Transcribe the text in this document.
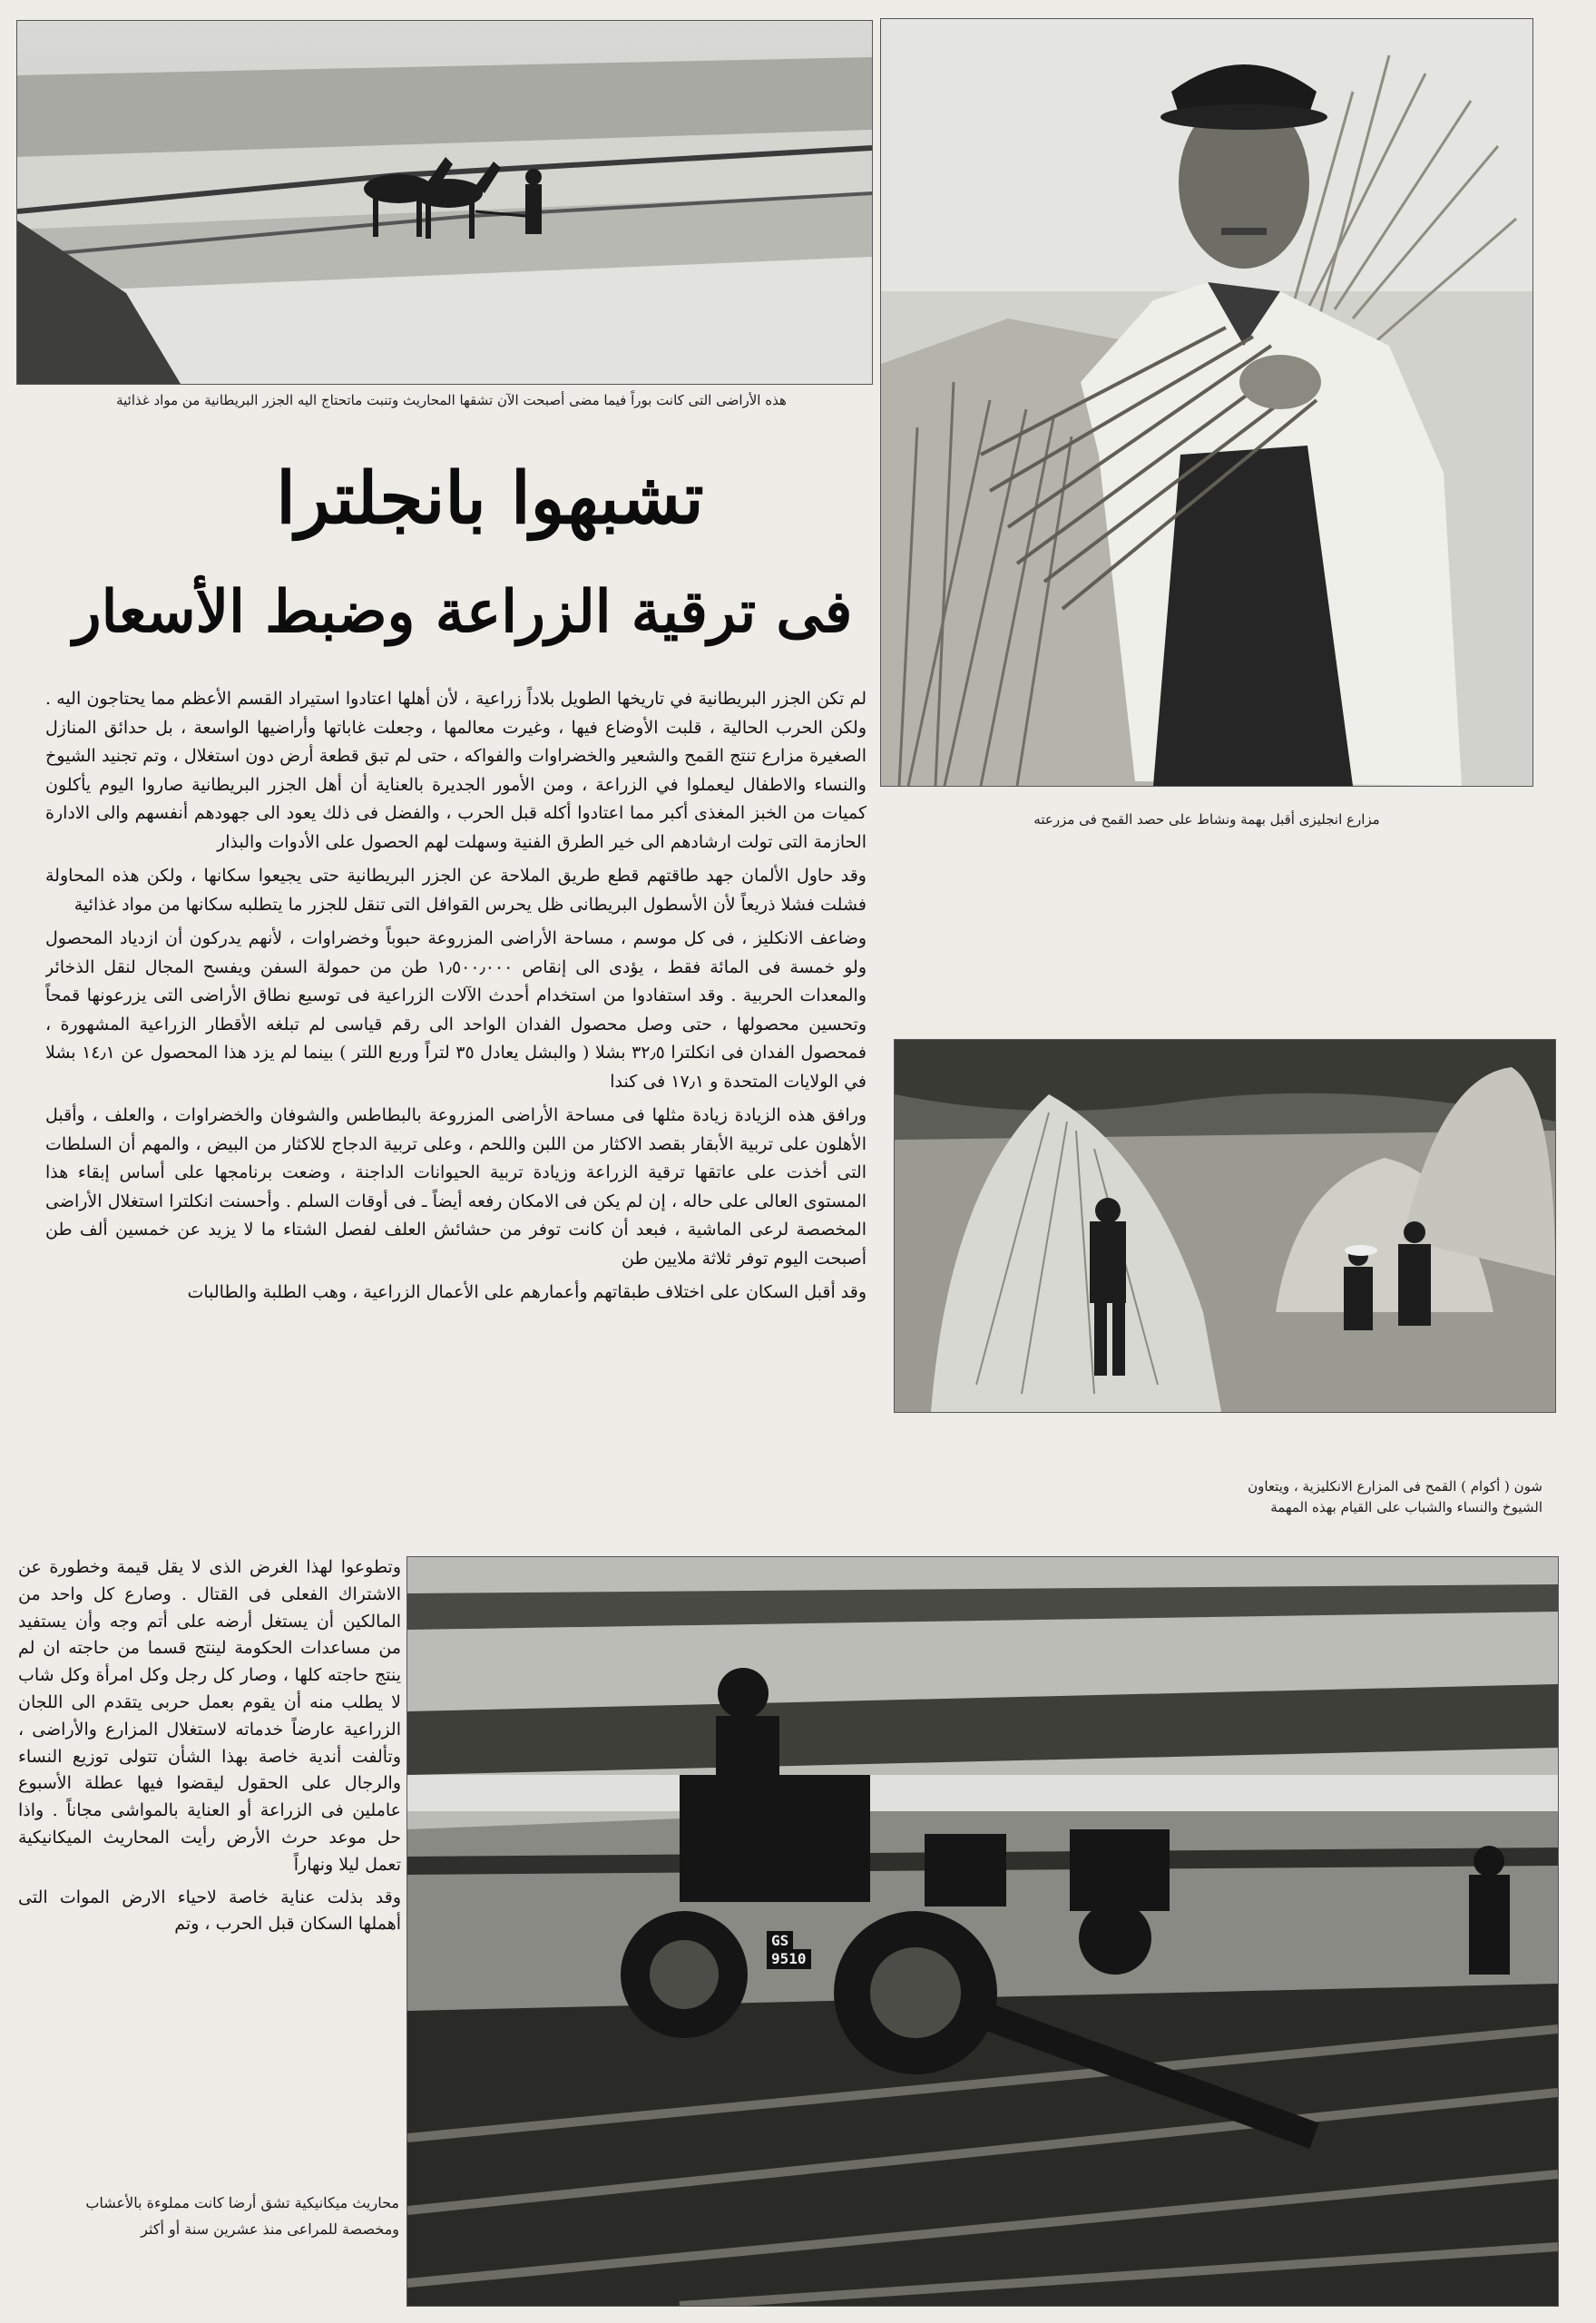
هذه الأراضى التى كانت بوراً فيما مضى أصبحت الآن تشقها المحاريث وتنبت ماتحتاج اليه الجزر البريطانية من مواد غذائية
مزارع انجليزى أقبل بهمة ونشاط على حصد القمح فى مزرعته
تشبهوا بانجلترا
فى ترقية الزراعة وضبط الأسعار

لم تكن الجزر البريطانية في تاريخها الطويل بلاداً زراعية ، لأن أهلها اعتادوا استيراد القسم الأعظم مما يحتاجون اليه . ولكن الحرب الحالية ، قلبت الأوضاع فيها ، وغيرت معالمها ، وجعلت غاباتها وأراضيها الواسعة ، بل حدائق المنازل الصغيرة مزارع تنتج القمح والشعير والخضراوات والفواكه ، حتى لم تبق قطعة أرض دون استغلال ، وتم تجنيد الشيوخ والنساء والاطفال ليعملوا في الزراعة ، ومن الأمور الجديرة بالعناية أن أهل الجزر البريطانية صاروا اليوم يأكلون كميات من الخبز المغذى أكبر مما اعتادوا أكله قبل الحرب ، والفضل فى ذلك يعود الى جهودهم أنفسهم والى الادارة الحازمة التى تولت ارشادهم الى خير الطرق الفنية وسهلت لهم الحصول على الأدوات والبذار

وقد حاول الألمان جهد طاقتهم قطع طريق الملاحة عن الجزر البريطانية حتى يجيعوا سكانها ، ولكن هذه المحاولة فشلت فشلا ذريعاً لأن الأسطول البريطانى ظل يحرس القوافل التى تنقل للجزر ما يتطلبه سكانها من مواد غذائية

وضاعف الانكليز ، فى كل موسم ، مساحة الأراضى المزروعة حبوباً وخضراوات ، لأنهم يدركون أن ازدياد المحصول ولو خمسة فى المائة فقط ، يؤدى الى إنقاص ١٫٥٠٠٫٠٠٠ طن من حمولة السفن ويفسح المجال لنقل الذخائر والمعدات الحربية . وقد استفادوا من استخدام أحدث الآلات الزراعية فى توسيع نطاق الأراضى التى يزرعونها قمحاً وتحسين محصولها ، حتى وصل محصول الفدان الواحد الى رقم قياسى لم تبلغه الأقطار الزراعية المشهورة ، فمحصول الفدان فى انكلترا ٣٢٫٥ بشلا ( والبشل يعادل ٣٥ لتراً وربع اللتر ) بينما لم يزد هذا المحصول عن ١٤٫١ بشلا في الولايات المتحدة و ١٧٫١ فى كندا

ورافق هذه الزيادة زيادة مثلها فى مساحة الأراضى المزروعة بالبطاطس والشوفان والخضراوات ، والعلف ، وأقبل الأهلون على تربية الأبقار بقصد الاكثار من اللبن واللحم ، وعلى تربية الدجاج للاكثار من البيض ، والمهم أن السلطات التى أخذت على عاتقها ترقية الزراعة وزيادة تربية الحيوانات الداجنة ، وضعت برنامجها على أساس إبقاء هذا المستوى العالى على حاله ، إن لم يكن فى الامكان رفعه أيضاً ـ فى أوقات السلم . وأحسنت انكلترا استغلال الأراضى المخصصة لرعى الماشية ، فبعد أن كانت توفر من حشائش العلف لفصل الشتاء ما لا يزيد عن خمسين ألف طن أصبحت اليوم توفر ثلاثة ملايين طن

وقد أقبل السكان على اختلاف طبقاتهم وأعمارهم على الأعمال الزراعية ، وهب الطلبة والطالبات

شون ( أكوام ) القمح فى المزارع الانكليزية ، ويتعاون
الشيوخ والنساء والشباب على القيام بهذه المهمة

وتطوعوا لهذا الغرض الذى لا يقل قيمة وخطورة عن الاشتراك الفعلى فى القتال . وصارع كل واحد من المالكين أن يستغل أرضه على أتم وجه وأن يستفيد من مساعدات الحكومة لينتج قسما من حاجته ان لم ينتج حاجته كلها ، وصار كل رجل وكل امرأة وكل شاب لا يطلب منه أن يقوم بعمل حربى يتقدم الى اللجان الزراعية عارضاً خدماته لاستغلال المزارع والأراضى ، وتألفت أندية خاصة بهذا الشأن تتولى توزيع النساء والرجال على الحقول ليقضوا فيها عطلة الأسبوع عاملين فى الزراعة أو العناية بالمواشى مجاناً . واذا حل موعد حرث الأرض رأيت المحاريث الميكانيكية تعمل ليلا ونهاراً

وقد بذلت عناية خاصة لاحياء الارض الموات التى أهملها السكان قبل الحرب ، وتم

GS
9510
محاريث ميكانيكية تشق أرضا كانت مملوءة بالأعشاب
ومخصصة للمراعى منذ عشرين سنة أو أكثر
